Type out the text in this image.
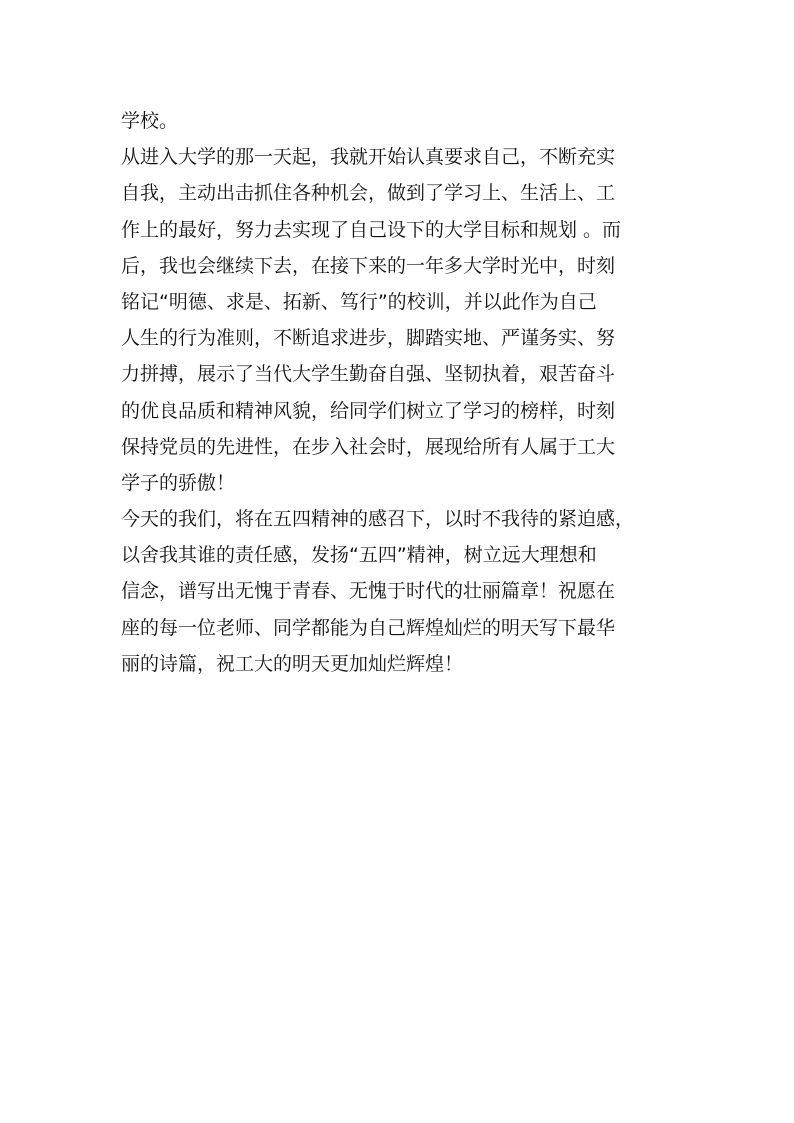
学校。
从进入大学的那一天起，我就开始认真要求自己，不断充实
自我，主动出击抓住各种机会，做到了学习上、生活上、工
作上的最好，努力去实现了自己设下的大学目标和规划 。而
后，我也会继续下去，在接下来的一年多大学时光中，时刻
铭记“明德、求是、拓新、笃行”的校训，并以此作为自己
人生的行为准则，不断追求进步，脚踏实地、严谨务实、努
力拼搏，展示了当代大学生勤奋自强、坚韧执着，艰苦奋斗
的优良品质和精神风貌，给同学们树立了学习的榜样，时刻
保持党员的先进性，在步入社会时，展现给所有人属于工大
学子的骄傲！
今天的我们，将在五四精神的感召下，以时不我待的紧迫感，
以舍我其谁的责任感，发扬“五四”精神，树立远大理想和
信念，谱写出无愧于青春、无愧于时代的壮丽篇章！祝愿在
座的每一位老师、同学都能为自己辉煌灿烂的明天写下最华
丽的诗篇，祝工大的明天更加灿烂辉煌！
